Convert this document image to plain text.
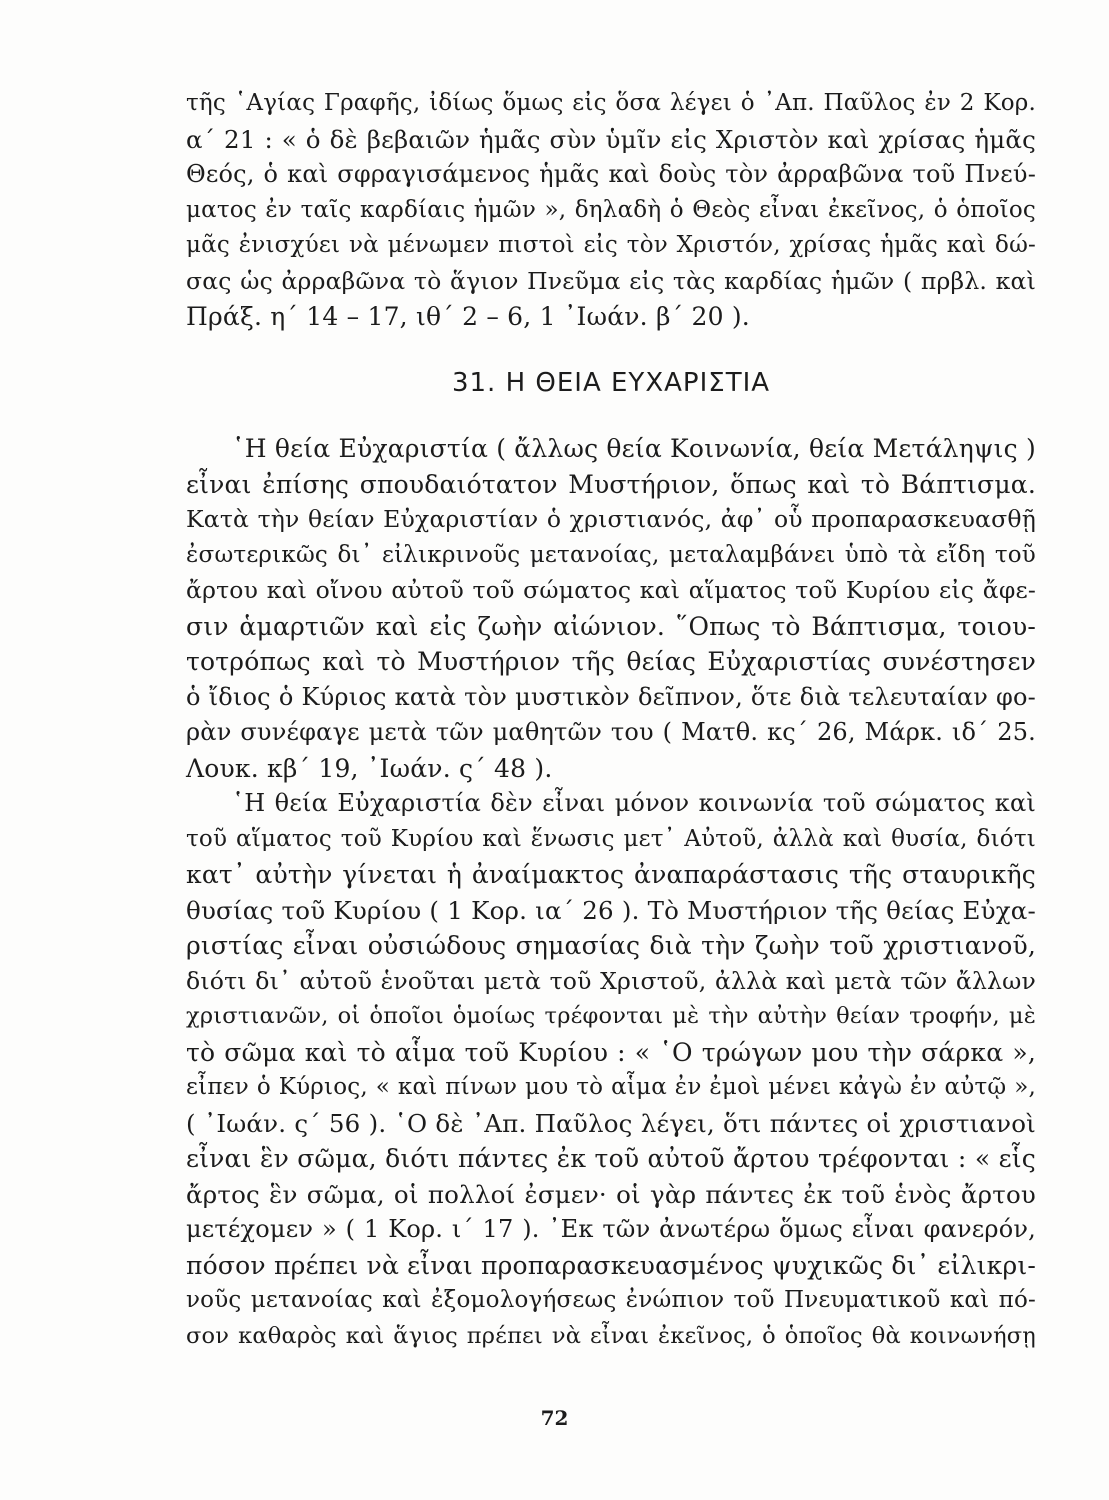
τῆς ῾Αγίας Γραφῆς, ἰδίως ὅμως εἰς ὅσα λέγει ὁ ᾿Απ. Παῦλος ἐν 2 Κορ.
α΄ 21 : « ὁ δὲ βεβαιῶν ἡμᾶς σὺν ὑμῖν εἰς Χριστὸν καὶ χρίσας ἡμᾶς
Θεός, ὁ καὶ σφραγισάμενος ἡμᾶς καὶ δοὺς τὸν ἀρραβῶνα τοῦ Πνεύ-
ματος ἐν ταῖς καρδίαις ἡμῶν », δηλαδὴ ὁ Θεὸς εἶναι ἐκεῖνος, ὁ ὁποῖος
μᾶς ἐνισχύει νὰ μένωμεν πιστοὶ εἰς τὸν Χριστόν, χρίσας ἡμᾶς καὶ δώ-
σας ὡς ἀρραβῶνα τὸ ἅγιον Πνεῦμα εἰς τὰς καρδίας ἡμῶν ( πρβλ. καὶ
Πράξ. η΄ 14 – 17, ιθ΄ 2 – 6, 1 ᾿Ιωάν. β΄ 20 ).
31. Η ΘΕΙΑ ΕΥΧΑΡΙΣΤΙΑ
῾Η θεία Εὐχαριστία ( ἄλλως θεία Κοινωνία, θεία Μετάληψις )
εἶναι ἐπίσης σπουδαιότατον Μυστήριον, ὅπως καὶ τὸ Βάπτισμα.
Κατὰ τὴν θείαν Εὐχαριστίαν ὁ χριστιανός, ἀφ᾿ οὗ προπαρασκευασθῇ
ἐσωτερικῶς δι᾿ εἰλικρινοῦς μετανοίας, μεταλαμβάνει ὑπὸ τὰ εἴδη τοῦ
ἄρτου καὶ οἴνου αὐτοῦ τοῦ σώματος καὶ αἵματος τοῦ Κυρίου εἰς ἄφε-
σιν ἁμαρτιῶν καὶ εἰς ζωὴν αἰώνιον. ῞Οπως τὸ Βάπτισμα, τοιου-
τοτρόπως καὶ τὸ Μυστήριον τῆς θείας Εὐχαριστίας συνέστησεν
ὁ ἴδιος ὁ Κύριος κατὰ τὸν μυστικὸν δεῖπνον, ὅτε διὰ τελευταίαν φο-
ρὰν συνέφαγε μετὰ τῶν μαθητῶν του ( Ματθ. κς΄ 26, Μάρκ. ιδ΄ 25.
Λουκ. κβ΄ 19, ᾿Ιωάν. ς΄ 48 ).
῾Η θεία Εὐχαριστία δὲν εἶναι μόνον κοινωνία τοῦ σώματος καὶ
τοῦ αἵματος τοῦ Κυρίου καὶ ἕνωσις μετ᾿ Αὐτοῦ, ἀλλὰ καὶ θυσία, διότι
κατ᾿ αὐτὴν γίνεται ἡ ἀναίμακτος ἀναπαράστασις τῆς σταυρικῆς
θυσίας τοῦ Κυρίου ( 1 Κορ. ια΄ 26 ). Τὸ Μυστήριον τῆς θείας Εὐχα-
ριστίας εἶναι οὐσιώδους σημασίας διὰ τὴν ζωὴν τοῦ χριστιανοῦ,
διότι δι᾿ αὐτοῦ ἑνοῦται μετὰ τοῦ Χριστοῦ, ἀλλὰ καὶ μετὰ τῶν ἄλλων
χριστιανῶν, οἱ ὁποῖοι ὁμοίως τρέφονται μὲ τὴν αὐτὴν θείαν τροφήν, μὲ
τὸ σῶμα καὶ τὸ αἷμα τοῦ Κυρίου : « ῾Ο τρώγων μου τὴν σάρκα »,
εἶπεν ὁ Κύριος, « καὶ πίνων μου τὸ αἷμα ἐν ἐμοὶ μένει κἀγὼ ἐν αὐτῷ »,
( ᾿Ιωάν. ς΄ 56 ). ῾Ο δὲ ᾿Απ. Παῦλος λέγει, ὅτι πάντες οἱ χριστιανοὶ
εἶναι ἓν σῶμα, διότι πάντες ἐκ τοῦ αὐτοῦ ἄρτου τρέφονται : « εἷς
ἄρτος ἓν σῶμα, οἱ πολλοί ἐσμεν· οἱ γὰρ πάντες ἐκ τοῦ ἑνὸς ἄρτου
μετέχομεν » ( 1 Κορ. ι΄ 17 ). ᾿Εκ τῶν ἀνωτέρω ὅμως εἶναι φανερόν,
πόσον πρέπει νὰ εἶναι προπαρασκευασμένος ψυχικῶς δι᾿ εἰλικρι-
νοῦς μετανοίας καὶ ἐξομολογήσεως ἐνώπιον τοῦ Πνευματικοῦ καὶ πό-
σον καθαρὸς καὶ ἅγιος πρέπει νὰ εἶναι ἐκεῖνος, ὁ ὁποῖος θὰ κοινωνήσῃ
72
